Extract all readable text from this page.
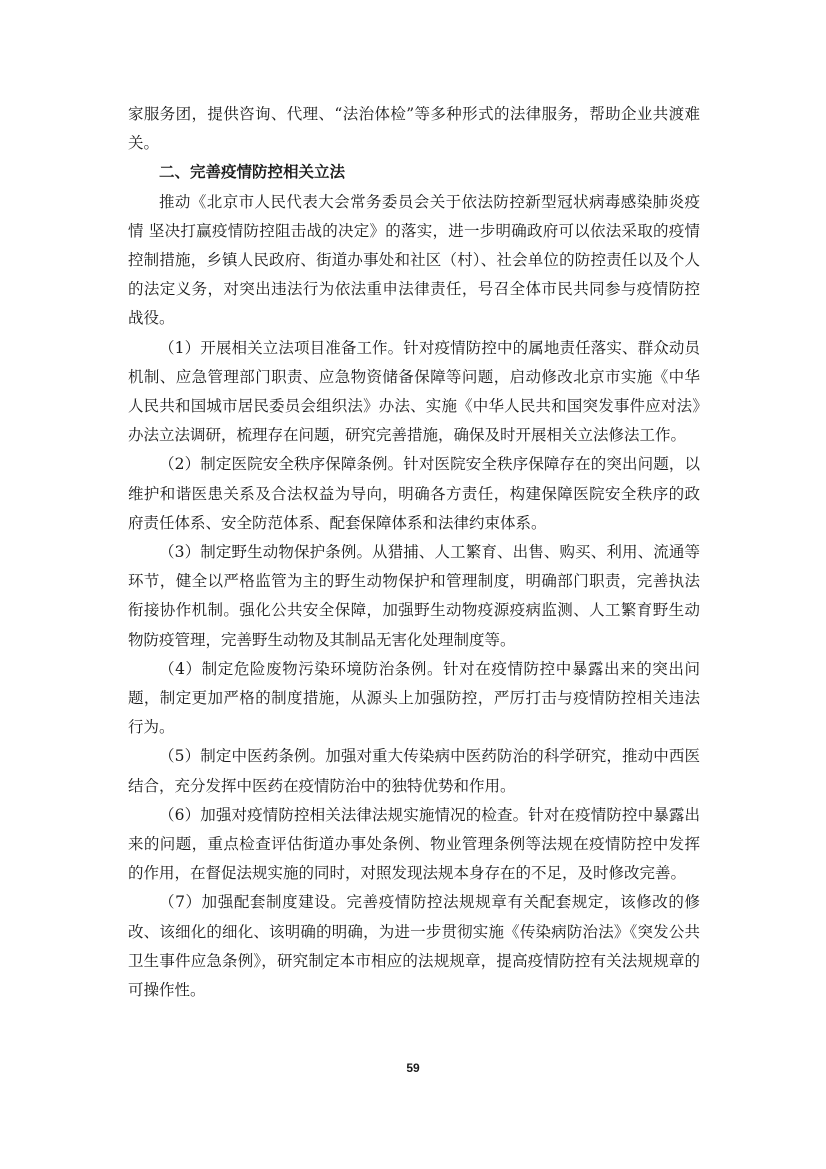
家服务团，提供咨询、代理、“法治体检”等多种形式的法律服务，帮助企业共渡难关。

二、完善疫情防控相关立法

推动《北京市人民代表大会常务委员会关于依法防控新型冠状病毒感染肺炎疫情 坚决打赢疫情防控阻击战的决定》的落实，进一步明确政府可以依法采取的疫情控制措施，乡镇人民政府、街道办事处和社区（村）、社会单位的防控责任以及个人的法定义务，对突出违法行为依法重申法律责任，号召全体市民共同参与疫情防控战役。

（1）开展相关立法项目准备工作。针对疫情防控中的属地责任落实、群众动员机制、应急管理部门职责、应急物资储备保障等问题，启动修改北京市实施《中华人民共和国城市居民委员会组织法》办法、实施《中华人民共和国突发事件应对法》办法立法调研，梳理存在问题，研究完善措施，确保及时开展相关立法修法工作。

（2）制定医院安全秩序保障条例。针对医院安全秩序保障存在的突出问题，以维护和谐医患关系及合法权益为导向，明确各方责任，构建保障医院安全秩序的政府责任体系、安全防范体系、配套保障体系和法律约束体系。

（3）制定野生动物保护条例。从猎捕、人工繁育、出售、购买、利用、流通等环节，健全以严格监管为主的野生动物保护和管理制度，明确部门职责，完善执法衔接协作机制。强化公共安全保障，加强野生动物疫源疫病监测、人工繁育野生动物防疫管理，完善野生动物及其制品无害化处理制度等。

（4）制定危险废物污染环境防治条例。针对在疫情防控中暴露出来的突出问题，制定更加严格的制度措施，从源头上加强防控，严厉打击与疫情防控相关违法行为。

（5）制定中医药条例。加强对重大传染病中医药防治的科学研究，推动中西医结合，充分发挥中医药在疫情防治中的独特优势和作用。

（6）加强对疫情防控相关法律法规实施情况的检查。针对在疫情防控中暴露出来的问题，重点检查评估街道办事处条例、物业管理条例等法规在疫情防控中发挥的作用，在督促法规实施的同时，对照发现法规本身存在的不足，及时修改完善。

（7）加强配套制度建设。完善疫情防控法规规章有关配套规定，该修改的修改、该细化的细化、该明确的明确，为进一步贯彻实施《传染病防治法》《突发公共卫生事件应急条例》，研究制定本市相应的法规规章，提高疫情防控有关法规规章的可操作性。

59
